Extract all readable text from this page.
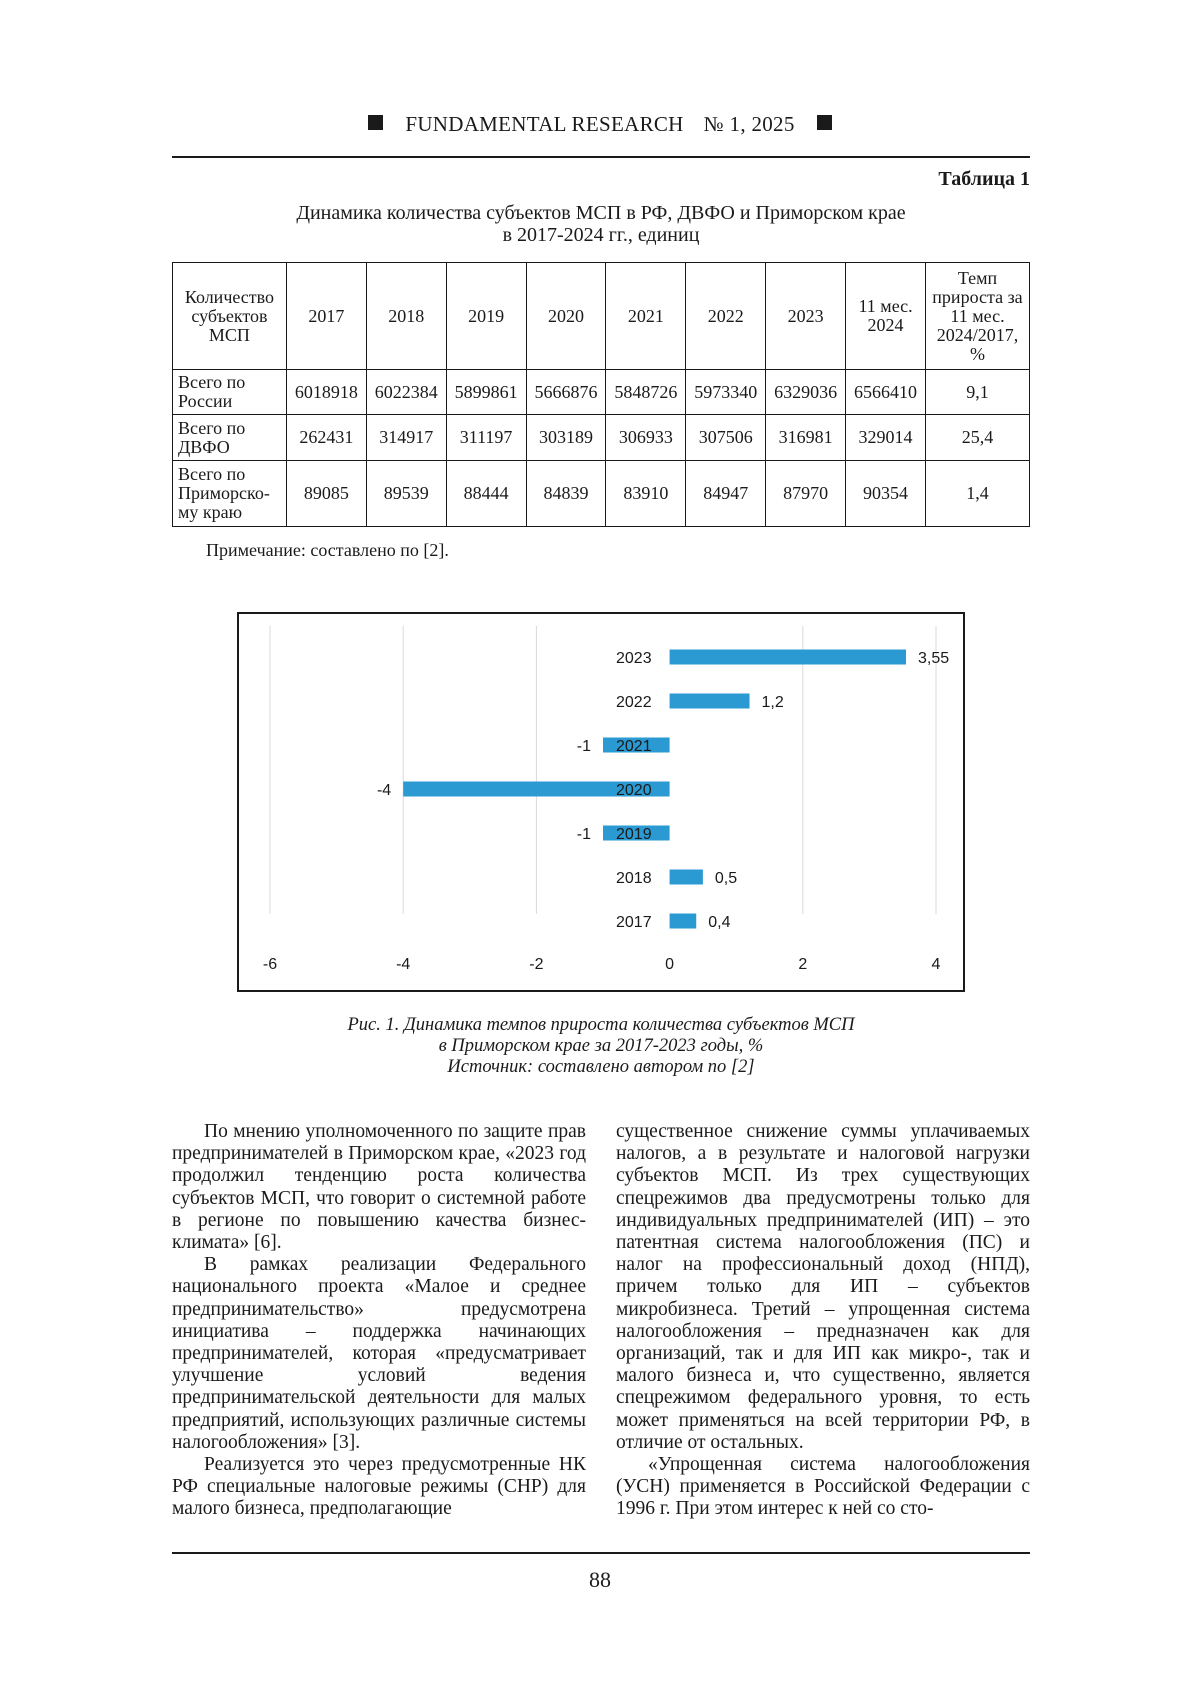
FUNDAMENTAL RESEARCH № 1, 2025
Таблица 1
Динамика количества субъектов МСП в РФ, ДВФО и Приморском крае
в 2017-2024 гг., единиц
Количество субъектов МСП	2017	2018	2019	2020	2021	2022	2023	11 мес. 2024	Темп прироста за 11 мес. 2024/2017, %
Всего по России	6018918	6022384	5899861	5666876	5848726	5973340	6329036	6566410	9,1
Всего по ДВФО	262431	314917	311197	303189	306933	307506	316981	329014	25,4
Всего по Приморско-му краю	89085	89539	88444	84839	83910	84947	87970	90354	1,4
Примечание: составлено по [2].
-6	-4	-2	0	2	4
2023	3,55
2022	1,2
2021
-1
2020
-4
2019
-1
2018	0,5
2017	0,4
Рис. 1. Динамика темпов прироста количества субъектов МСП
в Приморском крае за 2017-2023 годы, %
Источник: составлено автором по [2]

По мнению уполномоченного по защите прав предпринимателей в Приморском крае, «2023 год продолжил тенденцию роста количества субъектов МСП, что говорит о системной работе в регионе по повышению качества бизнес-климата» [6].

В рамках реализации Федерального национального проекта «Малое и среднее предпринимательство» предусмотрена инициатива – поддержка начинающих предпринимателей, которая «предусматривает улучшение условий ведения предпринимательской деятельности для малых предприятий, использующих различные системы налогообложения» [3].

Реализуется это через предусмотренные НК РФ специальные налоговые режимы (СНР) для малого бизнеса, предполагающие

существенное снижение суммы уплачиваемых налогов, а в результате и налоговой нагрузки субъектов МСП. Из трех существующих спецрежимов два предусмотрены только для индивидуальных предпринимателей (ИП) – это патентная система налогообложения (ПС) и налог на профессиональный доход (НПД), причем только для ИП – субъектов микробизнеса. Третий – упрощенная система налогообложения – предназначен как для организаций, так и для ИП как микро-, так и малого бизнеса и, что существенно, является спецрежимом федерального уровня, то есть может применяться на всей территории РФ, в отличие от остальных.

«Упрощенная система налогообложения (УСН) применяется в Российской Федерации с 1996 г. При этом интерес к ней со сто-

88
